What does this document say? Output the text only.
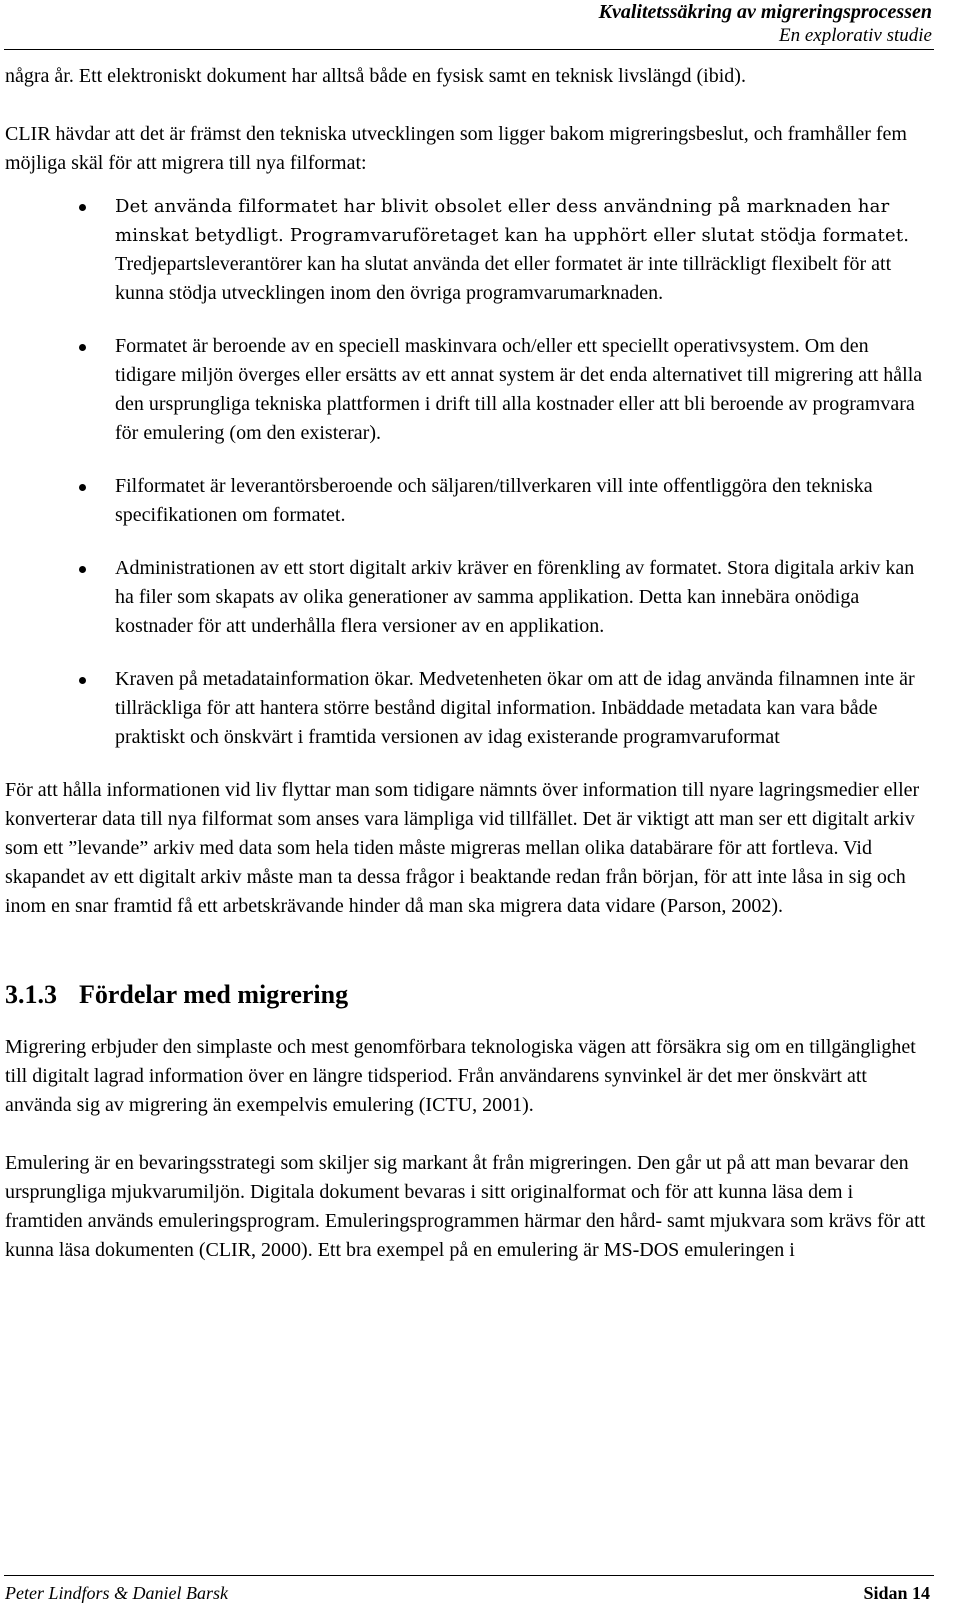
Kvalitetssäkring av migreringsprocessen
En explorativ studie

några år. Ett elektroniskt dokument har alltså både en fysisk samt en teknisk livslängd (ibid).

CLIR hävdar att det är främst den tekniska utvecklingen som ligger bakom migreringsbeslut, och framhåller fem möjliga skäl för att migrera till nya filformat:

Det använda filformatet har blivit obsolet eller dess användning på marknaden har minskat betydligt. Programvaruföretaget kan ha upphört eller slutat stödja formatet. Tredjepartsleverantörer kan ha slutat använda det eller formatet är inte tillräckligt flexibelt för att kunna stödja utvecklingen inom den övriga programvarumarknaden.
Formatet är beroende av en speciell maskinvara och/eller ett speciellt operativsystem. Om den tidigare miljön överges eller ersätts av ett annat system är det enda alternativet till migrering att hålla den ursprungliga tekniska plattformen i drift till alla kostnader eller att bli beroende av programvara för emulering (om den existerar).
Filformatet är leverantörsberoende och säljaren/tillverkaren vill inte offentliggöra den tekniska specifikationen om formatet.
Administrationen av ett stort digitalt arkiv kräver en förenkling av formatet. Stora digitala arkiv kan ha filer som skapats av olika generationer av samma applikation. Detta kan innebära onödiga kostnader för att underhålla flera versioner av en applikation.
Kraven på metadatainformation ökar. Medvetenheten ökar om att de idag använda filnamnen inte är tillräckliga för att hantera större bestånd digital information. Inbäddade metadata kan vara både praktiskt och önskvärt i framtida versionen av idag existerande programvaruformat

För att hålla informationen vid liv flyttar man som tidigare nämnts över information till nyare lagringsmedier eller konverterar data till nya filformat som anses vara lämpliga vid tillfället. Det är viktigt att man ser ett digitalt arkiv som ett ”levande” arkiv med data som hela tiden måste migreras mellan olika databärare för att fortleva. Vid skapandet av ett digitalt arkiv måste man ta dessa frågor i beaktande redan från början, för att inte låsa in sig och inom en snar framtid få ett arbetskrävande hinder då man ska migrera data vidare (Parson, 2002).

3.1.3 Fördelar med migrering

Migrering erbjuder den simplaste och mest genomförbara teknologiska vägen att försäkra sig om en tillgänglighet till digitalt lagrad information över en längre tidsperiod. Från användarens synvinkel är det mer önskvärt att använda sig av migrering än exempelvis emulering (ICTU, 2001).

Emulering är en bevaringsstrategi som skiljer sig markant åt från migreringen. Den går ut på att man bevarar den ursprungliga mjukvarumiljön. Digitala dokument bevaras i sitt originalformat och för att kunna läsa dem i framtiden används emuleringsprogram. Emuleringsprogrammen härmar den hård- samt mjukvara som krävs för att kunna läsa dokumenten (CLIR, 2000). Ett bra exempel på en emulering är MS-DOS emuleringen i

Peter Lindfors & Daniel Barsk	Sidan 14
